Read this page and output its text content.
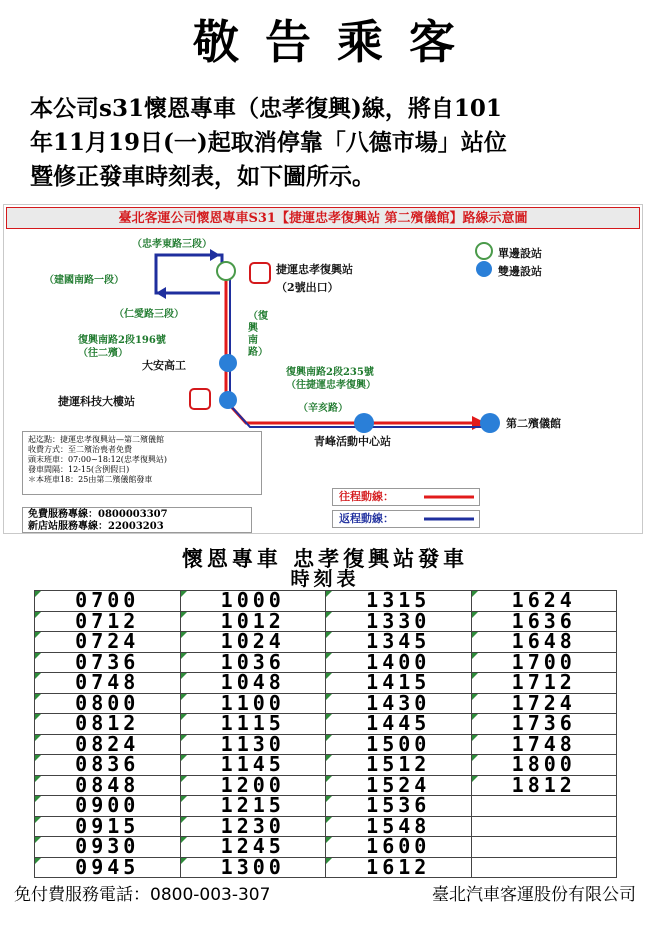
敬告乘客
本公司s31懷恩專車（忠孝復興)線，將自101
年11月19日(一)起取消停靠「八德市場」站位
暨修正發車時刻表，如下圖所示。
臺北客運公司懷恩專車S31【捷運忠孝復興站 第二殯儀館】路線示意圖
（忠孝東路三段）
（建國南路一段）
（仁愛路三段）	（復興南路）
（辛亥路）
捷運忠孝復興站
（2號出口）
復興南路2段196號
（往二殯）
大安高工
復興南路2段235號
（往捷運忠孝復興）
捷運科技大樓站
青峰活動中心站
第二殯儀館
單邊設站
雙邊設站
起迄點：捷運忠孝復興站—第二殯儀館
收費方式：至二殯治喪者免費
頭末班車：07:00~18:12(忠孝復興站)
發車間隔：12-15(含例假日)
＊本班車18：25由第二殯儀館發車
免費服務專線：0800003307
新店站服務專線：22003203
往程動線：
返程動線：
懷恩專車 忠孝復興站發車
時刻表
0700	1000	1315	1624
0712	1012	1330	1636
0724	1024	1345	1648
0736	1036	1400	1700
0748	1048	1415	1712
0800	1100	1430	1724
0812	1115	1445	1736
0824	1130	1500	1748
0836	1145	1512	1800
0848	1200	1524	1812
0900	1215	1536
0915	1230	1548
0930	1245	1600
0945	1300	1612
免付費服務電話：0800-003-307	臺北汽車客運股份有限公司
